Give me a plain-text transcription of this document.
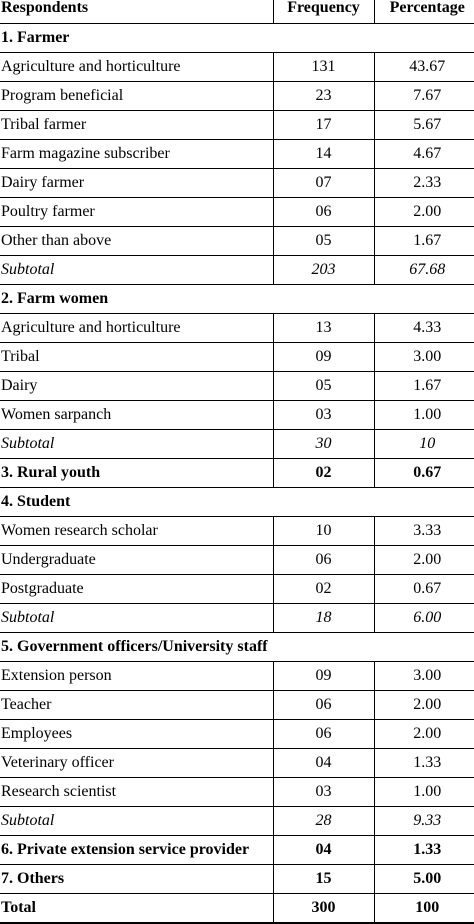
Respondents	Frequency	Percentage
1. Farmer		
Agriculture and horticulture	131	43.67
Program beneficial	23	7.67
Tribal farmer	17	5.67
Farm magazine subscriber	14	4.67
Dairy farmer	07	2.33
Poultry farmer	06	2.00
Other than above	05	1.67
Subtotal	203	67.68
2. Farm women		
Agriculture and horticulture	13	4.33
Tribal	09	3.00
Dairy	05	1.67
Women sarpanch	03	1.00
Subtotal	30	10
3. Rural youth	02	0.67
4. Student		
Women research scholar	10	3.33
Undergraduate	06	2.00
Postgraduate	02	0.67
Subtotal	18	6.00
5. Government officers/University staff		
Extension person	09	3.00
Teacher	06	2.00
Employees	06	2.00
Veterinary officer	04	1.33
Research scientist	03	1.00
Subtotal	28	9.33
6. Private extension service provider	04	1.33
7. Others	15	5.00
Total	300	100
